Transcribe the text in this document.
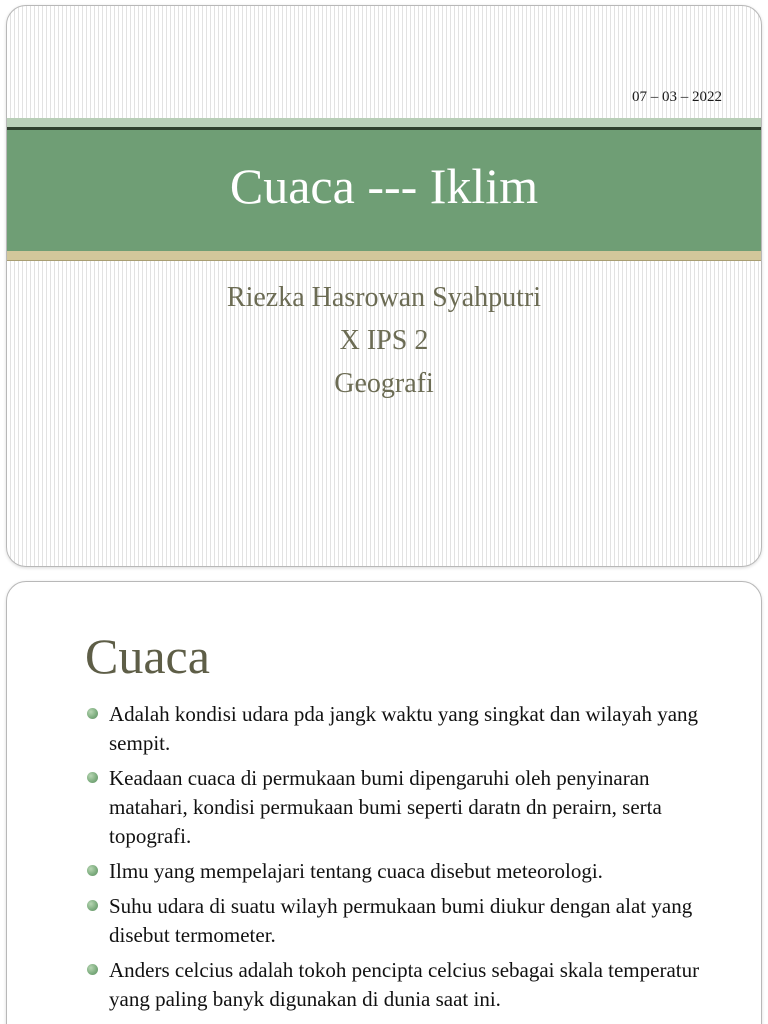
07 – 03 – 2022
Cuaca --- Iklim
Riezka Hasrowan Syahputri
X IPS 2
Geografi
Cuaca
Adalah kondisi udara pda jangk waktu yang singkat dan wilayah yang sempit.
Keadaan cuaca di permukaan bumi dipengaruhi oleh penyinaran matahari, kondisi permukaan bumi seperti daratn dn perairn, serta topografi.
Ilmu yang mempelajari tentang cuaca disebut meteorologi.
Suhu udara di suatu wilayh permukaan bumi diukur dengan alat yang disebut termometer.
Anders celcius adalah tokoh pencipta celcius sebagai skala temperatur yang paling banyk digunakan di dunia saat ini.
